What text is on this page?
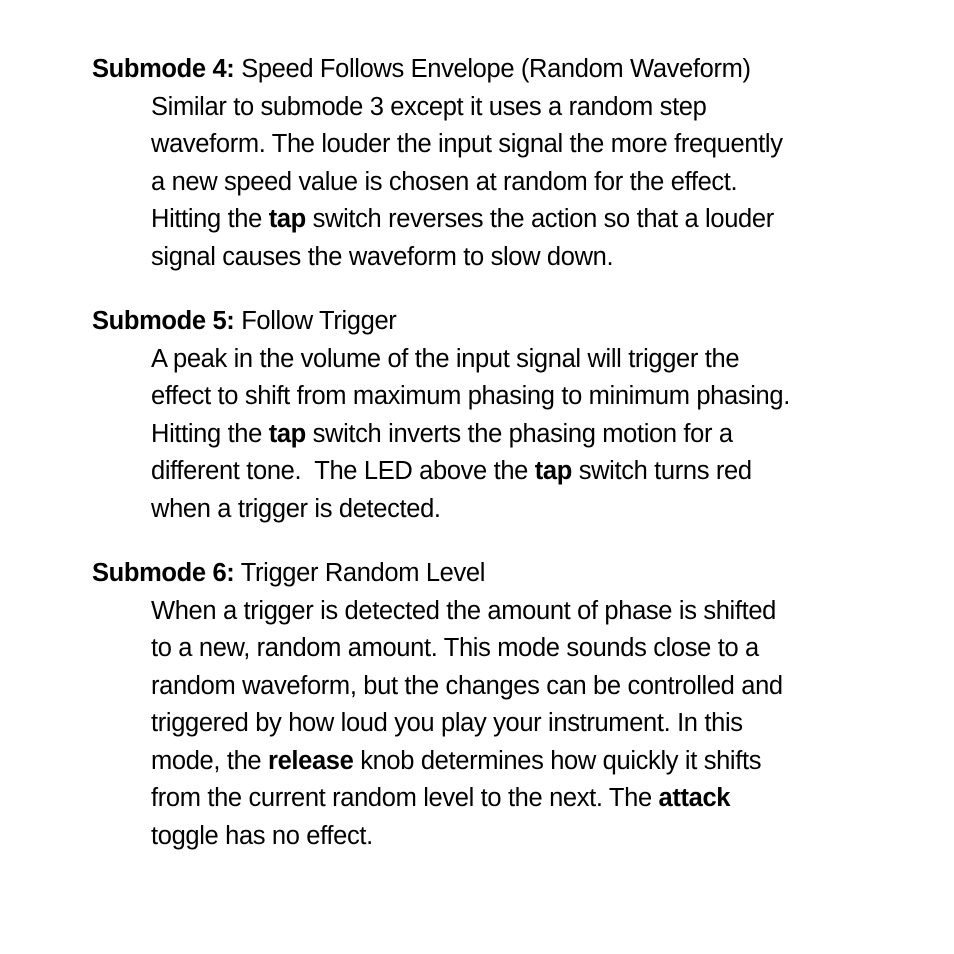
Submode 4: Speed Follows Envelope (Random Waveform)
Similar to submode 3 except it uses a random step
waveform. The louder the input signal the more frequently
a new speed value is chosen at random for the effect.
Hitting the tap switch reverses the action so that a louder
signal causes the waveform to slow down.
Submode 5: Follow Trigger
A peak in the volume of the input signal will trigger the
effect to shift from maximum phasing to minimum phasing.
Hitting the tap switch inverts the phasing motion for a
different tone.  The LED above the tap switch turns red
when a trigger is detected.
Submode 6: Trigger Random Level
When a trigger is detected the amount of phase is shifted
to a new, random amount. This mode sounds close to a
random waveform, but the changes can be controlled and
triggered by how loud you play your instrument. In this
mode, the release knob determines how quickly it shifts
from the current random level to the next. The attack
toggle has no effect.
